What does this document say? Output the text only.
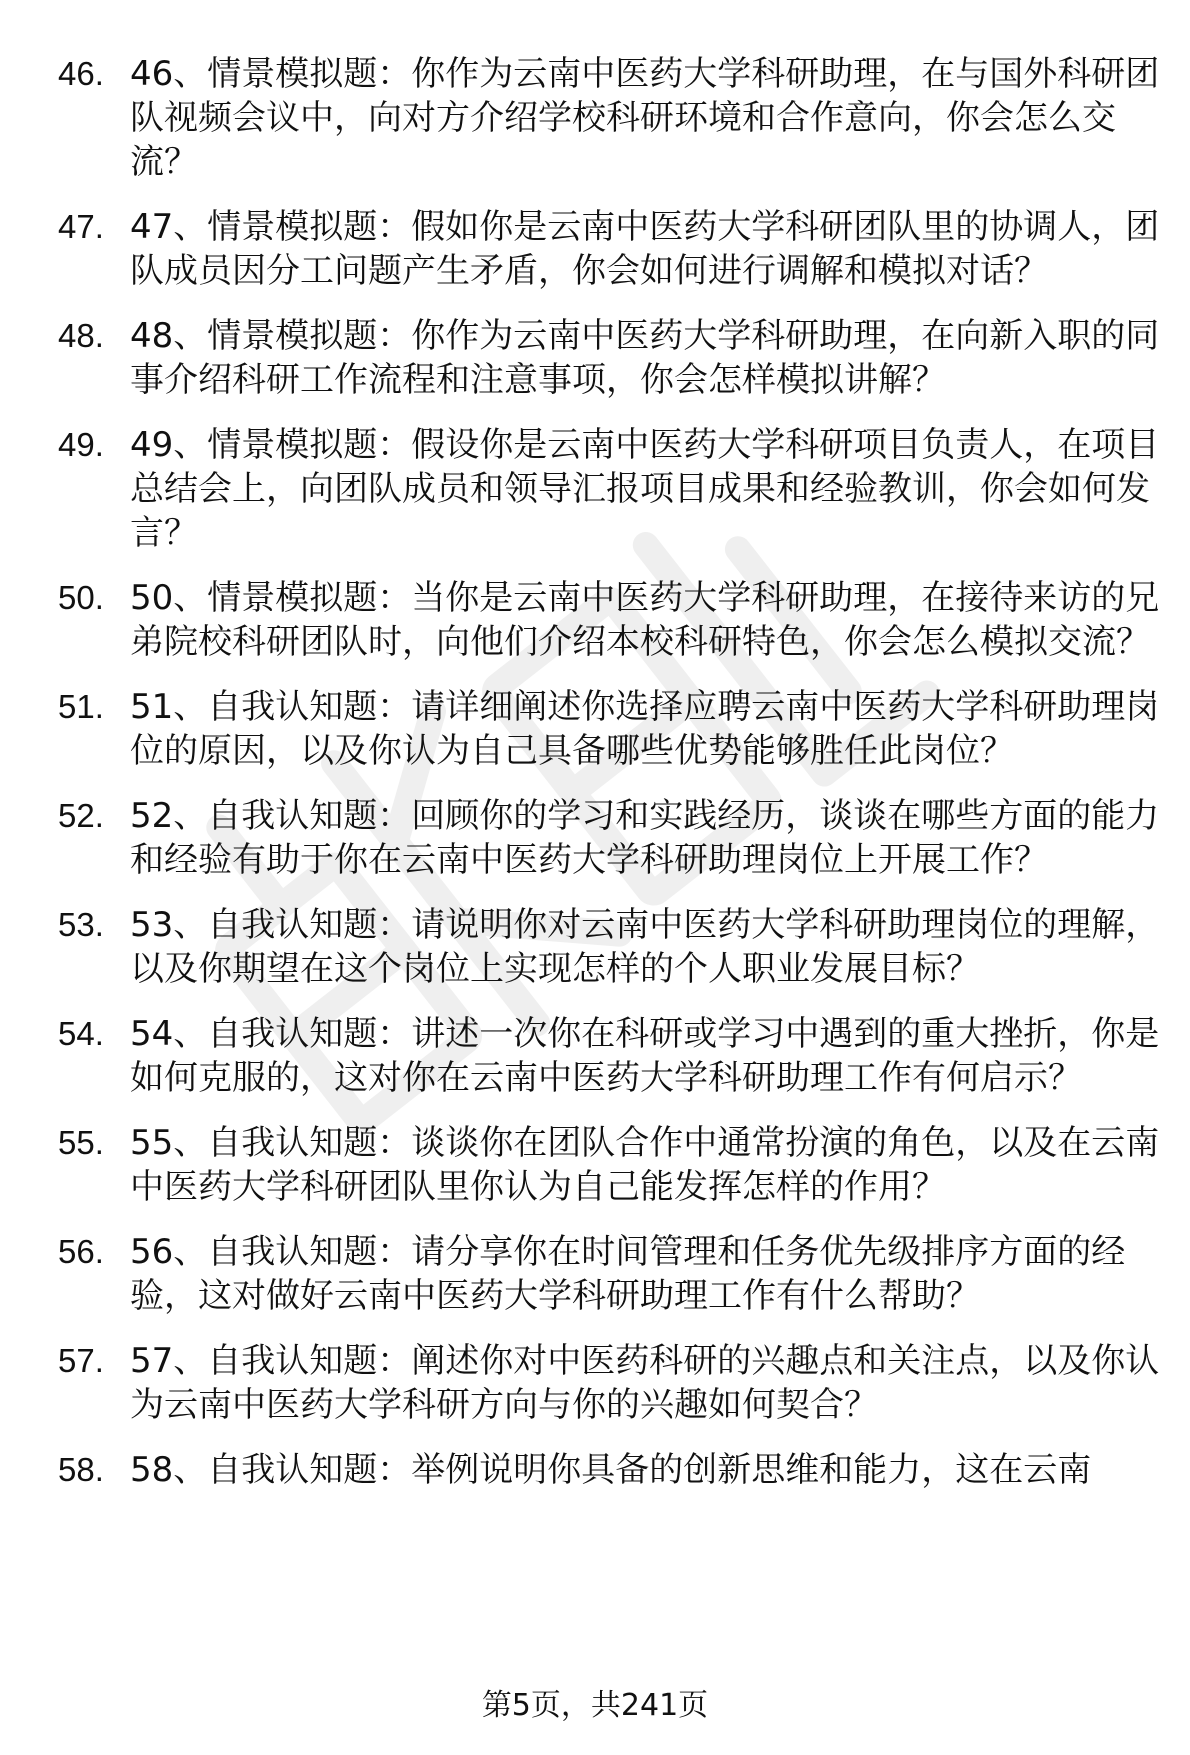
46. 46、情景模拟题：你作为云南中医药大学科研助理，在与国外科研团队视频会议中，向对方介绍学校科研环境和合作意向，你会怎么交流？
47. 47、情景模拟题：假如你是云南中医药大学科研团队里的协调人，团队成员因分工问题产生矛盾，你会如何进行调解和模拟对话？
48. 48、情景模拟题：你作为云南中医药大学科研助理，在向新入职的同事介绍科研工作流程和注意事项，你会怎样模拟讲解？
49. 49、情景模拟题：假设你是云南中医药大学科研项目负责人，在项目总结会上，向团队成员和领导汇报项目成果和经验教训，你会如何发言？
50. 50、情景模拟题：当你是云南中医药大学科研助理，在接待来访的兄弟院校科研团队时，向他们介绍本校科研特色，你会怎么模拟交流？
51. 51、自我认知题：请详细阐述你选择应聘云南中医药大学科研助理岗位的原因，以及你认为自己具备哪些优势能够胜任此岗位？
52. 52、自我认知题：回顾你的学习和实践经历，谈谈在哪些方面的能力和经验有助于你在云南中医药大学科研助理岗位上开展工作？
53. 53、自我认知题：请说明你对云南中医药大学科研助理岗位的理解，以及你期望在这个岗位上实现怎样的个人职业发展目标？
54. 54、自我认知题：讲述一次你在科研或学习中遇到的重大挫折，你是如何克服的，这对你在云南中医药大学科研助理工作有何启示？
55. 55、自我认知题：谈谈你在团队合作中通常扮演的角色，以及在云南中医药大学科研团队里你认为自己能发挥怎样的作用？
56. 56、自我认知题：请分享你在时间管理和任务优先级排序方面的经验，这对做好云南中医药大学科研助理工作有什么帮助？
57. 57、自我认知题：阐述你对中医药科研的兴趣点和关注点，以及你认为云南中医药大学科研方向与你的兴趣如何契合？
58. 58、自我认知题：举例说明你具备的创新思维和能力，这在云南
第5页，共241页
